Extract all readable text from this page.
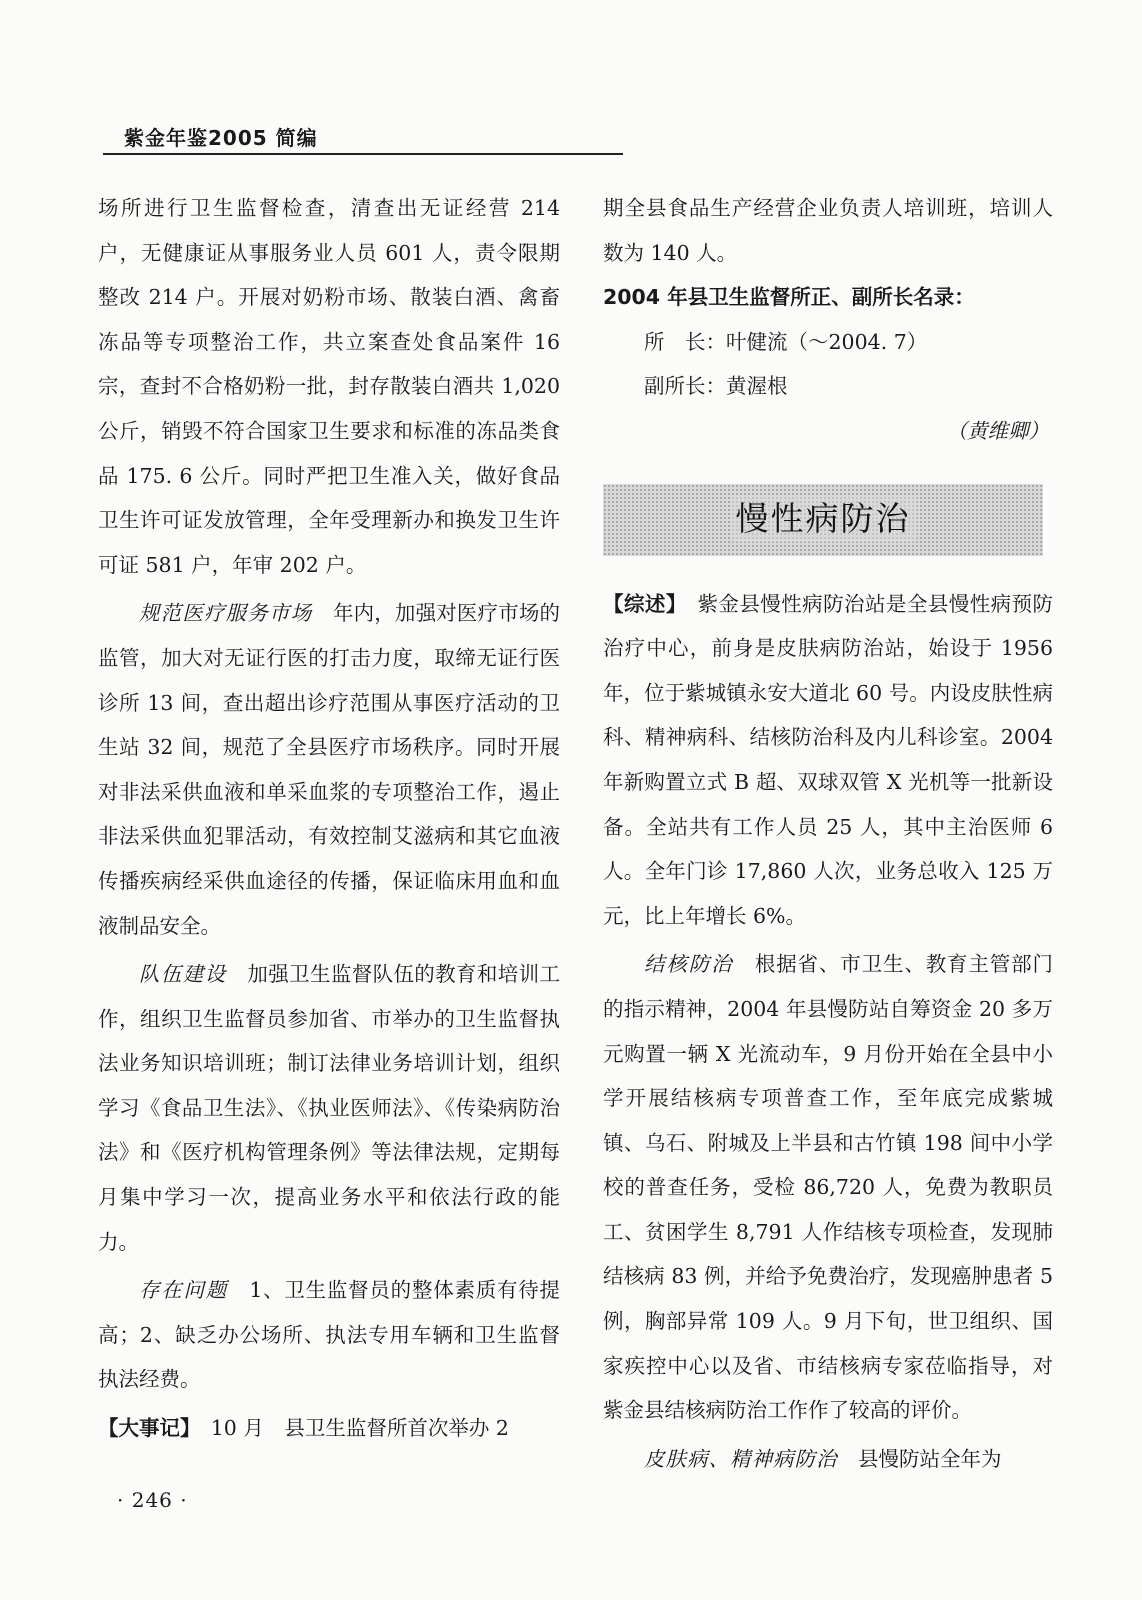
紫金年鉴2005 简编

场所进行卫生监督检查，清查出无证经营 214 户，无健康证从事服务业人员 601 人，责令限期整改 214 户。开展对奶粉市场、散装白酒、禽畜冻品等专项整治工作，共立案查处食品案件 16 宗，查封不合格奶粉一批，封存散装白酒共 1,020 公斤，销毁不符合国家卫生要求和标准的冻品类食品 175. 6 公斤。同时严把卫生准入关，做好食品卫生许可证发放管理，全年受理新办和换发卫生许可证 581 户，年审 202 户。

规范医疗服务市场　 年内，加强对医疗市场的监管，加大对无证行医的打击力度，取缔无证行医诊所 13 间，查出超出诊疗范围从事医疗活动的卫生站 32 间，规范了全县医疗市场秩序。同时开展对非法采供血液和单采血浆的专项整治工作，遏止非法采供血犯罪活动，有效控制艾滋病和其它血液传播疾病经采供血途径的传播，保证临床用血和血液制品安全。

队伍建设　 加强卫生监督队伍的教育和培训工作，组织卫生监督员参加省、市举办的卫生监督执法业务知识培训班；制订法律业务培训计划，组织学习《食品卫生法》、《执业医师法》、《传染病防治法》和《医疗机构管理条例》等法律法规，定期每月集中学习一次，提高业务水平和依法行政的能力。

存在问题　 1、卫生监督员的整体素质有待提高；2、缺乏办公场所、执法专用车辆和卫生监督执法经费。

【大事记】　 10 月　县卫生监督所首次举办 2

期全县食品生产经营企业负责人培训班，培训人数为 140 人。

2004 年县卫生监督所正、副所长名录：

所　长：叶健流（～2004. 7）

副所长：黄渥根

（黄维卿）

慢性病防治

【综述】　 紫金县慢性病防治站是全县慢性病预防治疗中心，前身是皮肤病防治站，始设于 1956 年，位于紫城镇永安大道北 60 号。内设皮肤性病科、精神病科、结核防治科及内儿科诊室。2004 年新购置立式 B 超、双球双管 X 光机等一批新设备。全站共有工作人员 25 人，其中主治医师 6 人。全年门诊 17,860 人次，业务总收入 125 万元，比上年增长 6%。

结核防治　 根据省、市卫生、教育主管部门的指示精神，2004 年县慢防站自筹资金 20 多万元购置一辆 X 光流动车，9 月份开始在全县中小学开展结核病专项普查工作，至年底完成紫城镇、乌石、附城及上半县和古竹镇 198 间中小学校的普查任务，受检 86,720 人，免费为教职员工、贫困学生 8,791 人作结核专项检查，发现肺结核病 83 例，并给予免费治疗，发现癌肿患者 5 例，胸部异常 109 人。9 月下旬，世卫组织、国家疾控中心以及省、市结核病专家莅临指导，对紫金县结核病防治工作作了较高的评价。

皮肤病、精神病防治　 县慢防站全年为

· 246 ·
